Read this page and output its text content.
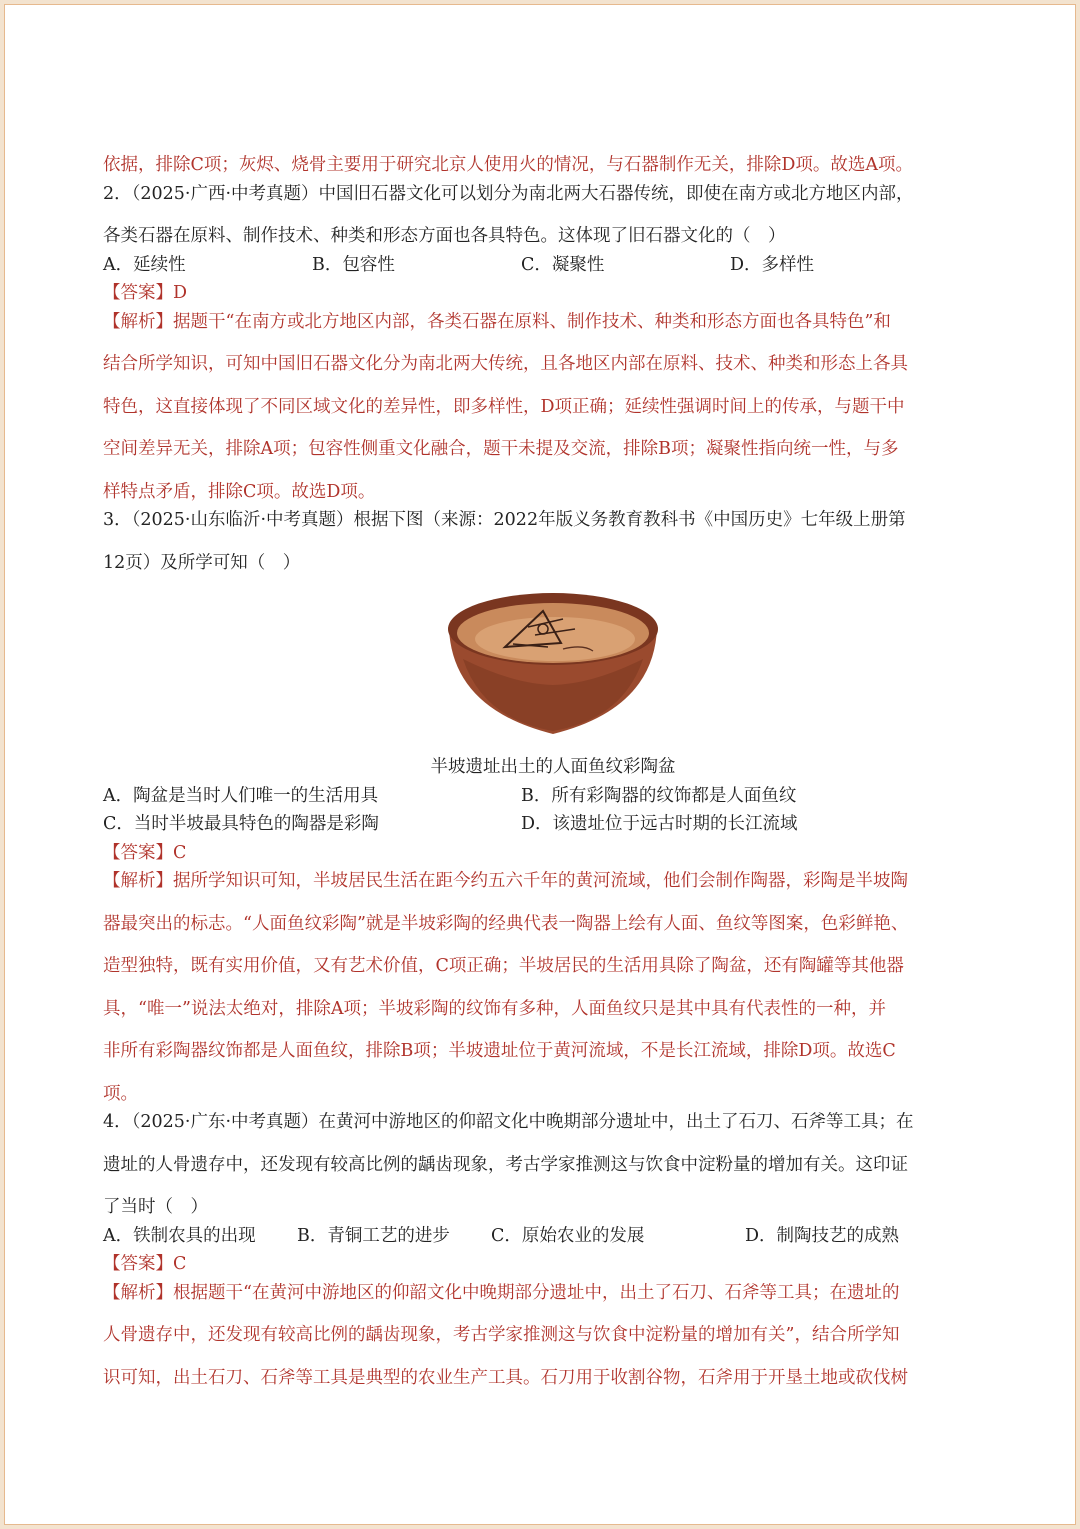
依据，排除C项；灰烬、烧骨主要用于研究北京人使用火的情况，与石器制作无关，排除D项。故选A项。
2．（2025·广西·中考真题）中国旧石器文化可以划分为南北两大石器传统，即使在南方或北方地区内部，
各类石器在原料、制作技术、种类和形态方面也各具特色。这体现了旧石器文化的（　）
A．延续性	B．包容性	C．凝聚性	D．多样性
【答案】D
【解析】据题干“在南方或北方地区内部，各类石器在原料、制作技术、种类和形态方面也各具特色”和
结合所学知识，可知中国旧石器文化分为南北两大传统，且各地区内部在原料、技术、种类和形态上各具
特色，这直接体现了不同区域文化的差异性，即多样性，D项正确；延续性强调时间上的传承，与题干中
空间差异无关，排除A项；包容性侧重文化融合，题干未提及交流，排除B项；凝聚性指向统一性，与多
样特点矛盾，排除C项。故选D项。
3．（2025·山东临沂·中考真题）根据下图（来源：2022年版义务教育教科书《中国历史》七年级上册第
12页）及所学可知（　）
半坡遗址出土的人面鱼纹彩陶盆
A．陶盆是当时人们唯一的生活用具	B．所有彩陶器的纹饰都是人面鱼纹
C．当时半坡最具特色的陶器是彩陶	D．该遗址位于远古时期的长江流域
【答案】C
【解析】据所学知识可知，半坡居民生活在距今约五六千年的黄河流域，他们会制作陶器，彩陶是半坡陶
器最突出的标志。“人面鱼纹彩陶”就是半坡彩陶的经典代表一陶器上绘有人面、鱼纹等图案，色彩鲜艳、
造型独特，既有实用价值，又有艺术价值，C项正确；半坡居民的生活用具除了陶盆，还有陶罐等其他器
具，“唯一”说法太绝对，排除A项；半坡彩陶的纹饰有多种，人面鱼纹只是其中具有代表性的一种，并
非所有彩陶器纹饰都是人面鱼纹，排除B项；半坡遗址位于黄河流域，不是长江流域，排除D项。故选C
项。
4．（2025·广东·中考真题）在黄河中游地区的仰韶文化中晚期部分遗址中，出土了石刀、石斧等工具；在
遗址的人骨遗存中，还发现有较高比例的龋齿现象，考古学家推测这与饮食中淀粉量的增加有关。这印证
了当时（　）
A．铁制农具的出现 B．青铜工艺的进步 C．原始农业的发展	D．制陶技艺的成熟
【答案】C
【解析】根据题干“在黄河中游地区的仰韶文化中晚期部分遗址中，出土了石刀、石斧等工具；在遗址的
人骨遗存中，还发现有较高比例的龋齿现象，考古学家推测这与饮食中淀粉量的增加有关”，结合所学知
识可知，出土石刀、石斧等工具是典型的农业生产工具。石刀用于收割谷物，石斧用于开垦土地或砍伐树
